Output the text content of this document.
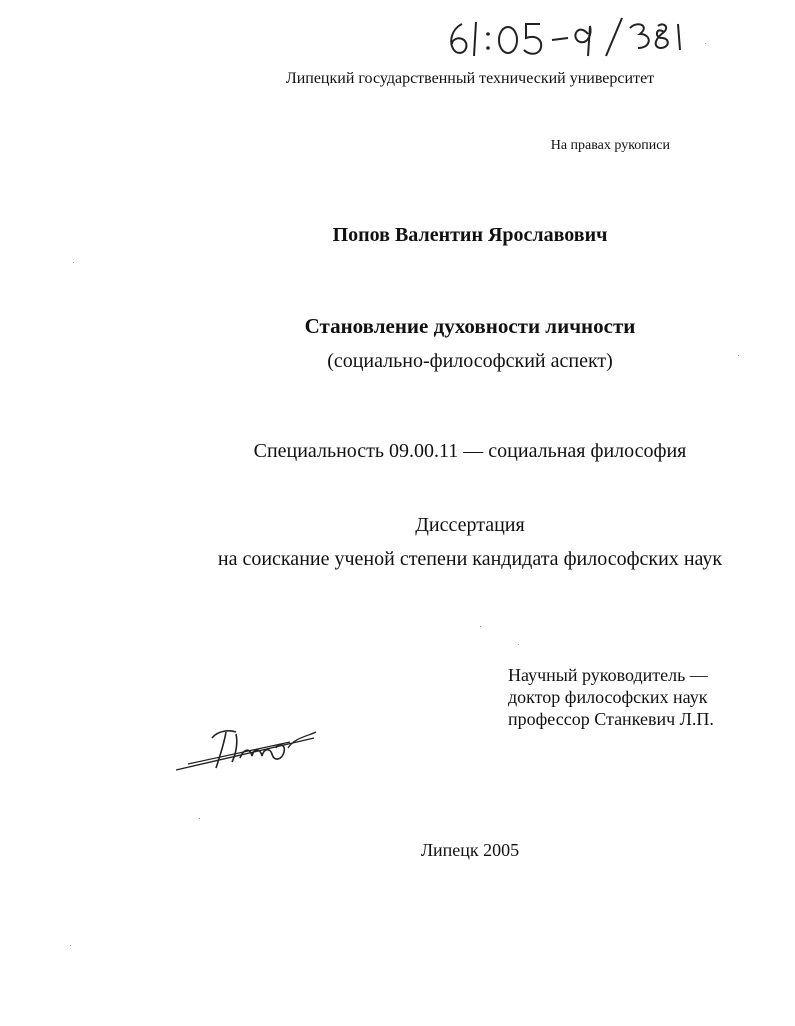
Липецкий государственный технический университет
На правах рукописи
Попов Валентин Ярославович
Становление духовности личности
(социально-философский аспект)
Специальность 09.00.11 — социальная философия
Диссертация
на соискание ученой степени кандидата философских наук
Научный руководитель —
доктор философских наук
профессор Станкевич Л.П.
Липецк 2005
